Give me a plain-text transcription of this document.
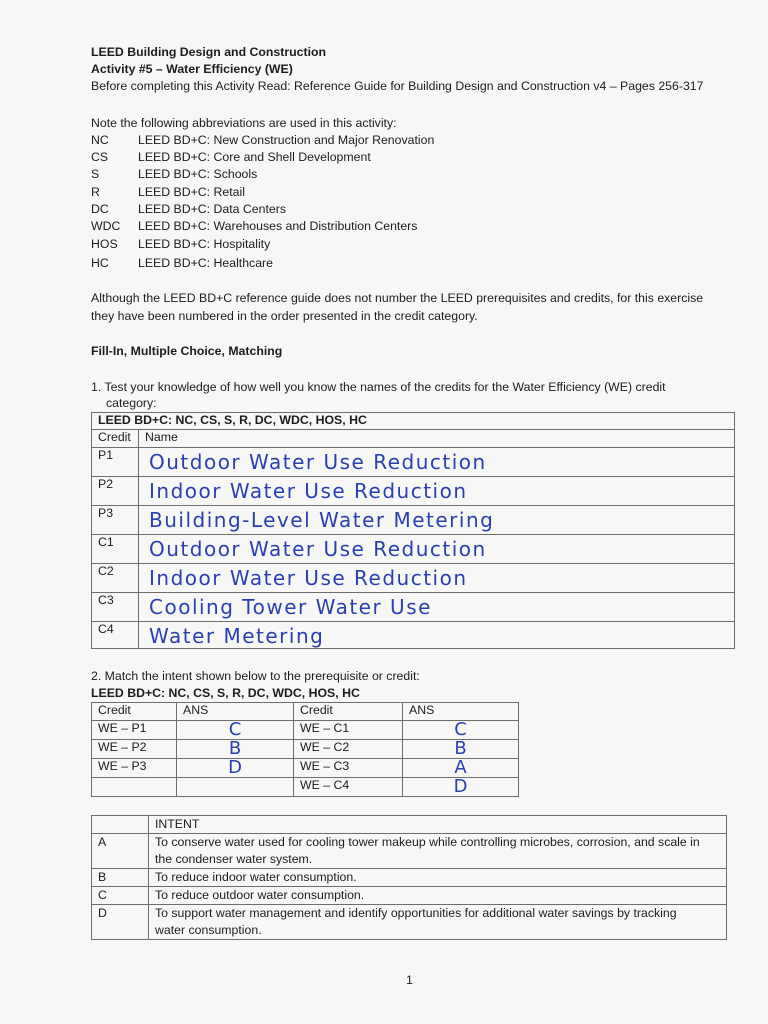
LEED Building Design and Construction
Activity #5 – Water Efficiency (WE)
Before completing this Activity Read: Reference Guide for Building Design and Construction v4 – Pages 256-317
Note the following abbreviations are used in this activity:
NC LEED BD+C: New Construction and Major Renovation
CS LEED BD+C: Core and Shell Development
S	LEED BD+C: Schools
R	LEED BD+C: Retail
DC LEED BD+C: Data Centers
WDC LEED BD+C: Warehouses and Distribution Centers
HOS LEED BD+C: Hospitality
HC LEED BD+C: Healthcare
Although the LEED BD+C reference guide does not number the LEED prerequisites and credits, for this exercise
they have been numbered in the order presented in the credit category.
Fill-In, Multiple Choice, Matching
1. Test your knowledge of how well you know the names of the credits for the Water Efficiency (WE) credit
category:
LEED BD+C: NC, CS, S, R, DC, WDC, HOS, HC	
Credit	Name
P1	Outdoor Water Use Reduction
P2	Indoor Water Use Reduction
P3	Building-Level Water Metering
C1	Outdoor Water Use Reduction
C2	Indoor Water Use Reduction
C3	Cooling Tower Water Use
C4	Water Metering
2. Match the intent shown below to the prerequisite or credit:
LEED BD+C: NC, CS, S, R, DC, WDC, HOS, HC
Credit	ANS	Credit	ANS
WE – P1	C	WE – C1	C
WE – P2	B	WE – C2	B
WE – P3	D	WE – C3	A
		WE – C4	D
	INTENT
A	To conserve water used for cooling tower makeup while controlling microbes, corrosion, and scale in
the condenser water system.

B	To reduce indoor water consumption.
C	To reduce outdoor water consumption.
D	To support water management and identify opportunities for additional water savings by tracking
water consumption.
1
